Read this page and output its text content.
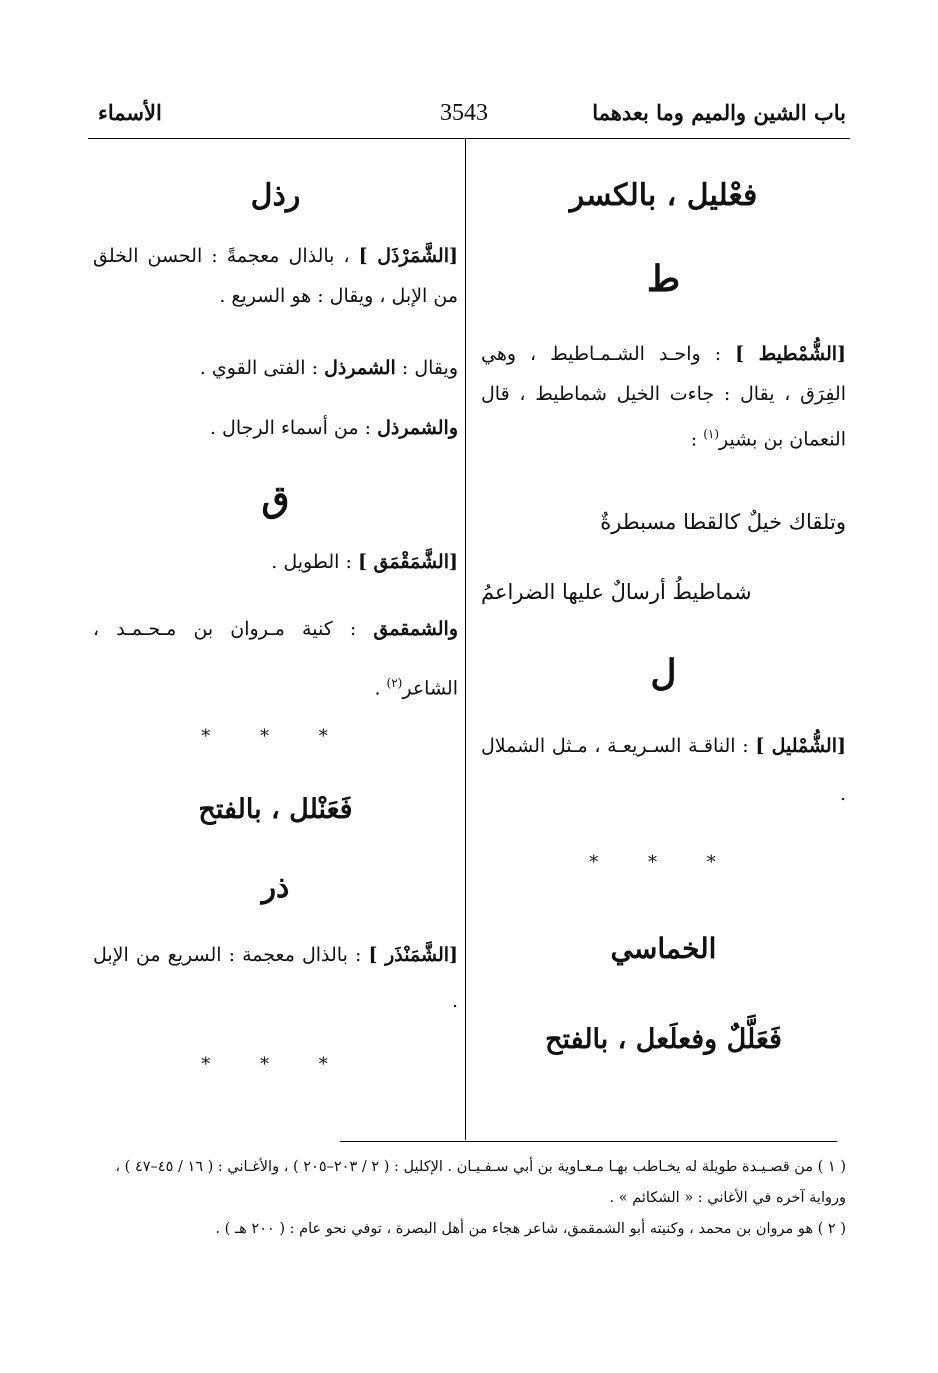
باب الشين والميم وما بعدهما
3543
الأسماء
فعْليل ، بالكسر
ط
[الشُّمْطيط ] : واحـد الشـمـاطيط ، وهي الفِرَق ، يقال : جاءت الخيل شماطيط ، قال النعمان بن بشير$^{(١)}$ :
وتلقاك خيلٌ كالقطا مسبطرةٌ
شماطيطُ أرسالٌ عليها الضراعمُ
ل
[الشُّمْليل ] : الناقـة السـريعـة ، مـثل الشملال .
* * *
الخماسي
فَعَلَّلٌ وفعلَعل ، بالفتح
رذل
[الشَّمَرْذَل ] ، بالذال معجمةً : الحسن الخلق من الإبل ، ويقال : هو السريع .
ويقال : الشمرذل : الفتى القوي .
والشمرذل : من أسماء الرجال .
ق
[الشَّمَقْمَق ] : الطويل .
والشمقمق : كنية مـروان بن مـحـمـد ، الشاعر$^{(٢)}$ .
* * *
فَعَنْلل ، بالفتح
ذر
[الشَّمَنْذَر ] : بالذال معجمة : السريع من الإبل .
* * *
( ١ ) من قصـيـدة طويلة له يخـاطب بهـا مـعـاوية بن أبي سـفـيـان . الإكليل : ( ٢ / ٢٠٣–٢٠٥ ) ، والأغـاني : ( ١٦ / ٤٥–٤٧ ) ، ورواية آخره في الأغاني : « الشكائم » .
( ٢ ) هو مروان بن محمد ، وكنيته أبو الشمقمق، شاعر هجاء من أهل البصرة ، توفي نحو عام : ( ٢٠٠ هـ ) .
